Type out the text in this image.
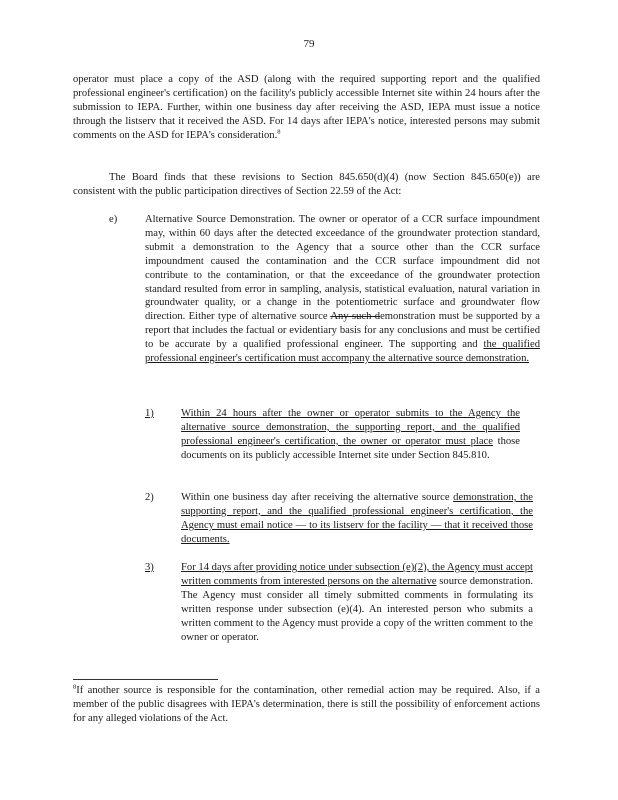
79

operator must place a copy of the ASD (along with the required supporting report and the qualified professional engineer's certification) on the facility's publicly accessible Internet site within 24 hours after the submission to IEPA. Further, within one business day after receiving the ASD, IEPA must issue a notice through the listserv that it received the ASD. For 14 days after IEPA's notice, interested persons may submit comments on the ASD for IEPA's consideration.$^8$

The Board finds that these revisions to Section 845.650(d)(4) (now Section 845.650(e)) are consistent with the public participation directives of Section 22.59 of the Act:

e)	Alternative Source Demonstration. The owner or operator of a CCR surface impoundment may, within 60 days after the detected exceedance of the groundwater protection standard, submit a demonstration to the Agency that a source other than the CCR surface impoundment caused the contamination and the CCR surface impoundment did not contribute to the contamination, or that the exceedance of the groundwater protection standard resulted from error in sampling, analysis, statistical evaluation, natural variation in groundwater quality, or a change in the potentiometric surface and groundwater flow direction. Either type of alternative source Any such demonstration must be supported by a report that includes the factual or evidentiary basis for any conclusions and must be certified to be accurate by a qualified professional engineer. The supporting and the qualified professional engineer's certification must accompany the alternative source demonstration.

1)	Within 24 hours after the owner or operator submits to the Agency the alternative source demonstration, the supporting report, and the qualified professional engineer's certification, the owner or operator must place those documents on its publicly accessible Internet site under Section 845.810.

2)	Within one business day after receiving the alternative source demonstration, the supporting report, and the qualified professional engineer's certification, the Agency must email notice — to its listserv for the facility — that it received those documents.

3)	For 14 days after providing notice under subsection (e)(2), the Agency must accept written comments from interested persons on the alternative source demonstration. The Agency must consider all timely submitted comments in formulating its written response under subsection (e)(4). An interested person who submits a written comment to the Agency must provide a copy of the written comment to the owner or operator.

$^8$If another source is responsible for the contamination, other remedial action may be required. Also, if a member of the public disagrees with IEPA's determination, there is still the possibility of enforcement actions for any alleged violations of the Act.
